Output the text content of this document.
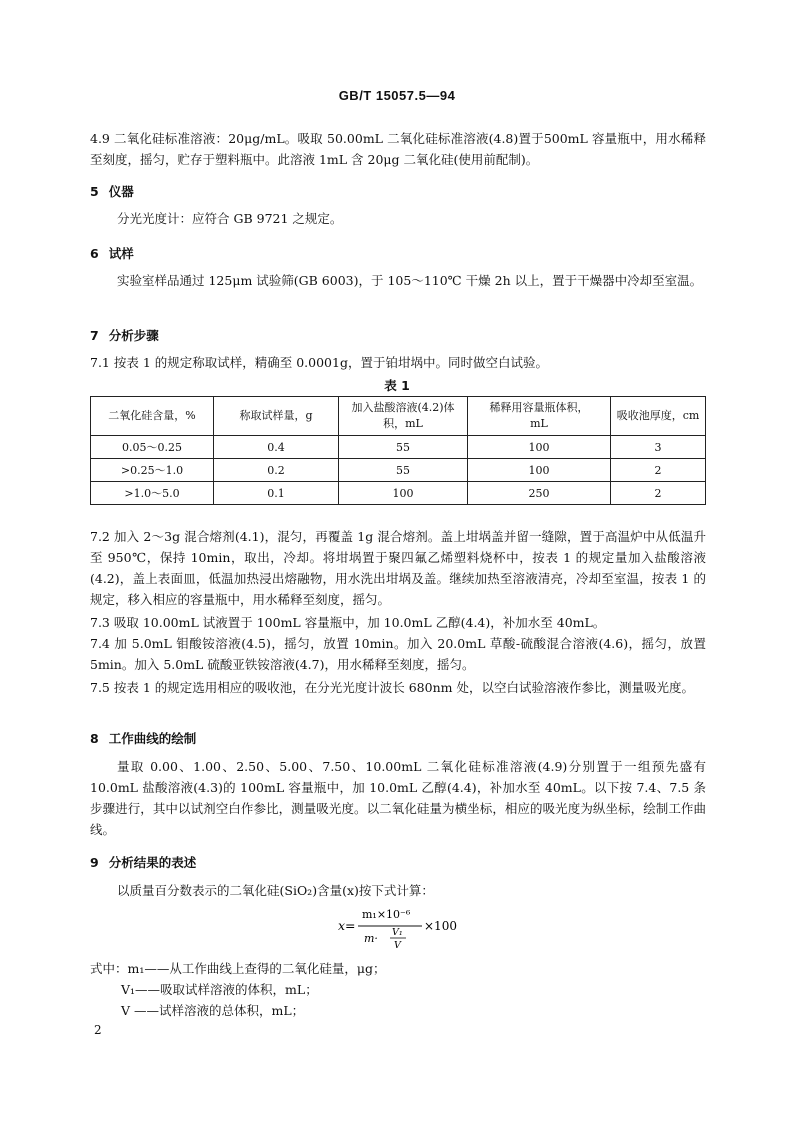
GB/T 15057.5—94
4.9 二氧化硅标准溶液：20μg/mL。吸取 50.00mL 二氧化硅标准溶液(4.8)置于500mL 容量瓶中，用水稀释至刻度，摇匀，贮存于塑料瓶中。此溶液 1mL 含 20μg 二氧化硅(使用前配制)。
5 仪器
分光光度计：应符合 GB 9721 之规定。
6 试样
实验室样品通过 125μm 试验筛(GB 6003)，于 105～110℃ 干燥 2h 以上，置于干燥器中冷却至室温。
7 分析步骤
7.1 按表 1 的规定称取试样，精确至 0.0001g，置于铂坩埚中。同时做空白试验。
表 1
二氧化硅含量，%	称取试样量，g	加入盐酸溶液(4.2)体积，mL	稀释用容量瓶体积，mL	吸收池厚度，cm
0.05～0.25	0.4	55	100	3
>0.25～1.0	0.2	55	100	2
>1.0～5.0	0.1	100	250	2
7.2 加入 2～3g 混合熔剂(4.1)，混匀，再覆盖 1g 混合熔剂。盖上坩埚盖并留一缝隙，置于高温炉中从低温升至 950℃，保持 10min，取出，冷却。将坩埚置于聚四氟乙烯塑料烧杯中，按表 1 的规定量加入盐酸溶液(4.2)，盖上表面皿，低温加热浸出熔融物，用水洗出坩埚及盖。继续加热至溶液清亮，冷却至室温，按表 1 的规定，移入相应的容量瓶中，用水稀释至刻度，摇匀。
7.3 吸取 10.00mL 试液置于 100mL 容量瓶中，加 10.0mL 乙醇(4.4)，补加水至 40mL。
7.4 加 5.0mL 钼酸铵溶液(4.5)，摇匀，放置 10min。加入 20.0mL 草酸-硫酸混合溶液(4.6)，摇匀，放置 5min。加入 5.0mL 硫酸亚铁铵溶液(4.7)，用水稀释至刻度，摇匀。
7.5 按表 1 的规定选用相应的吸收池，在分光光度计波长 680nm 处，以空白试验溶液作参比，测量吸光度。
8 工作曲线的绘制
量取 0.00、1.00、2.50、5.00、7.50、10.00mL 二氧化硅标准溶液(4.9)分别置于一组预先盛有 10.0mL 盐酸溶液(4.3)的 100mL 容量瓶中，加 10.0mL 乙醇(4.4)，补加水至 40mL。以下按 7.4、7.5 条步骤进行，其中以试剂空白作参比，测量吸光度。以二氧化硅量为横坐标，相应的吸光度为纵坐标，绘制工作曲线。
9 分析结果的表述
以质量百分数表示的二氧化硅(SiO₂)含量(x)按下式计算：
x=
m₁×10⁻⁶
m· V₁
V
×100
式中：m₁——从工作曲线上查得的二氧化硅量，μg；
V₁——吸取试样溶液的体积，mL；
V ——试样溶液的总体积，mL；
2
